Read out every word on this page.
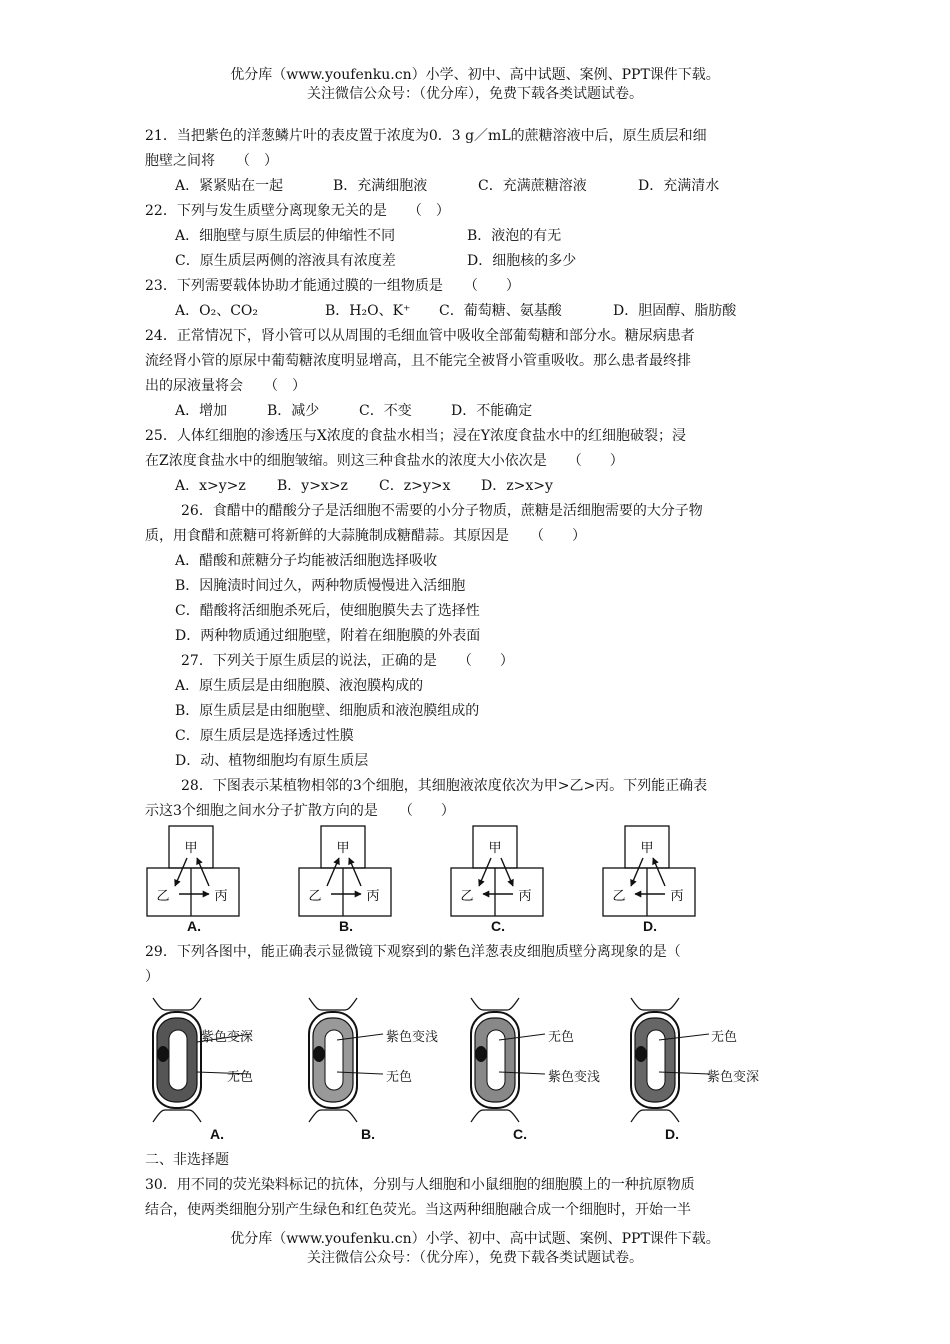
优分库（www.youfenku.cn）小学、初中、高中试题、案例、PPT课件下载。
关注微信公众号：（优分库），免费下载各类试题试卷。
21．当把紫色的洋葱鳞片叶的表皮置于浓度为0．3 g／mL的蔗糖溶液中后，原生质层和细
胞壁之间将　　（　）
A．紧紧贴在一起	B．充满细胞液	C．充满蔗糖溶液	D．充满清水
22．下列与发生质壁分离现象无关的是　　（　）
A．细胞壁与原生质层的伸缩性不同	B．液泡的有无
C．原生质层两侧的溶液具有浓度差	D．细胞核的多少
23．下列需要载体协助才能通过膜的一组物质是　　（　　）
A．O₂、CO₂	B．H₂O、K⁺ C．葡萄糖、氨基酸	D．胆固醇、脂肪酸
24．正常情况下，肾小管可以从周围的毛细血管中吸收全部葡萄糖和部分水。糖尿病患者
流经肾小管的原尿中葡萄糖浓度明显增高，且不能完全被肾小管重吸收。那么患者最终排
出的尿液量将会　　（　）
A．增加	B．减少	C．不变	D．不能确定
25．人体红细胞的渗透压与X浓度的食盐水相当；浸在Y浓度食盐水中的红细胞破裂；浸
在Z浓度食盐水中的细胞皱缩。则这三种食盐水的浓度大小依次是　　（　　）
A．x>y>z B．y>x>z C．z>y>x D．z>x>y
26．食醋中的醋酸分子是活细胞不需要的小分子物质，蔗糖是活细胞需要的大分子物
质，用食醋和蔗糖可将新鲜的大蒜腌制成糖醋蒜。其原因是　　（　　）
A．醋酸和蔗糖分子均能被活细胞选择吸收
B．因腌渍时间过久，两种物质慢慢进入活细胞
C．醋酸将活细胞杀死后，使细胞膜失去了选择性
D．两种物质通过细胞壁，附着在细胞膜的外表面
27．下列关于原生质层的说法，正确的是　　（　　）
A．原生质层是由细胞膜、液泡膜构成的
B．原生质层是由细胞壁、细胞质和液泡膜组成的
C．原生质层是选择透过性膜
D．动、植物细胞均有原生质层
28．下图表示某植物相邻的3个细胞，其细胞液浓度依次为甲>乙>丙。下列能正确表
示这3个细胞之间水分子扩散方向的是　　（　　）
甲
乙	丙
A.
甲
乙	丙
B.
甲
乙	丙
C.
甲
乙	丙
D.
29．下列各图中，能正确表示显微镜下观察到的紫色洋葱表皮细胞质壁分离现象的是（
）
紫色变深
无色
A.
紫色变浅
无色
B.
无色
紫色变浅
C.
无色
紫色变深
D.
二、非选择题
30．用不同的荧光染料标记的抗体，分别与人细胞和小鼠细胞的细胞膜上的一种抗原物质
结合，使两类细胞分别产生绿色和红色荧光。当这两种细胞融合成一个细胞时，开始一半
优分库（www.youfenku.cn）小学、初中、高中试题、案例、PPT课件下载。
关注微信公众号：（优分库），免费下载各类试题试卷。
